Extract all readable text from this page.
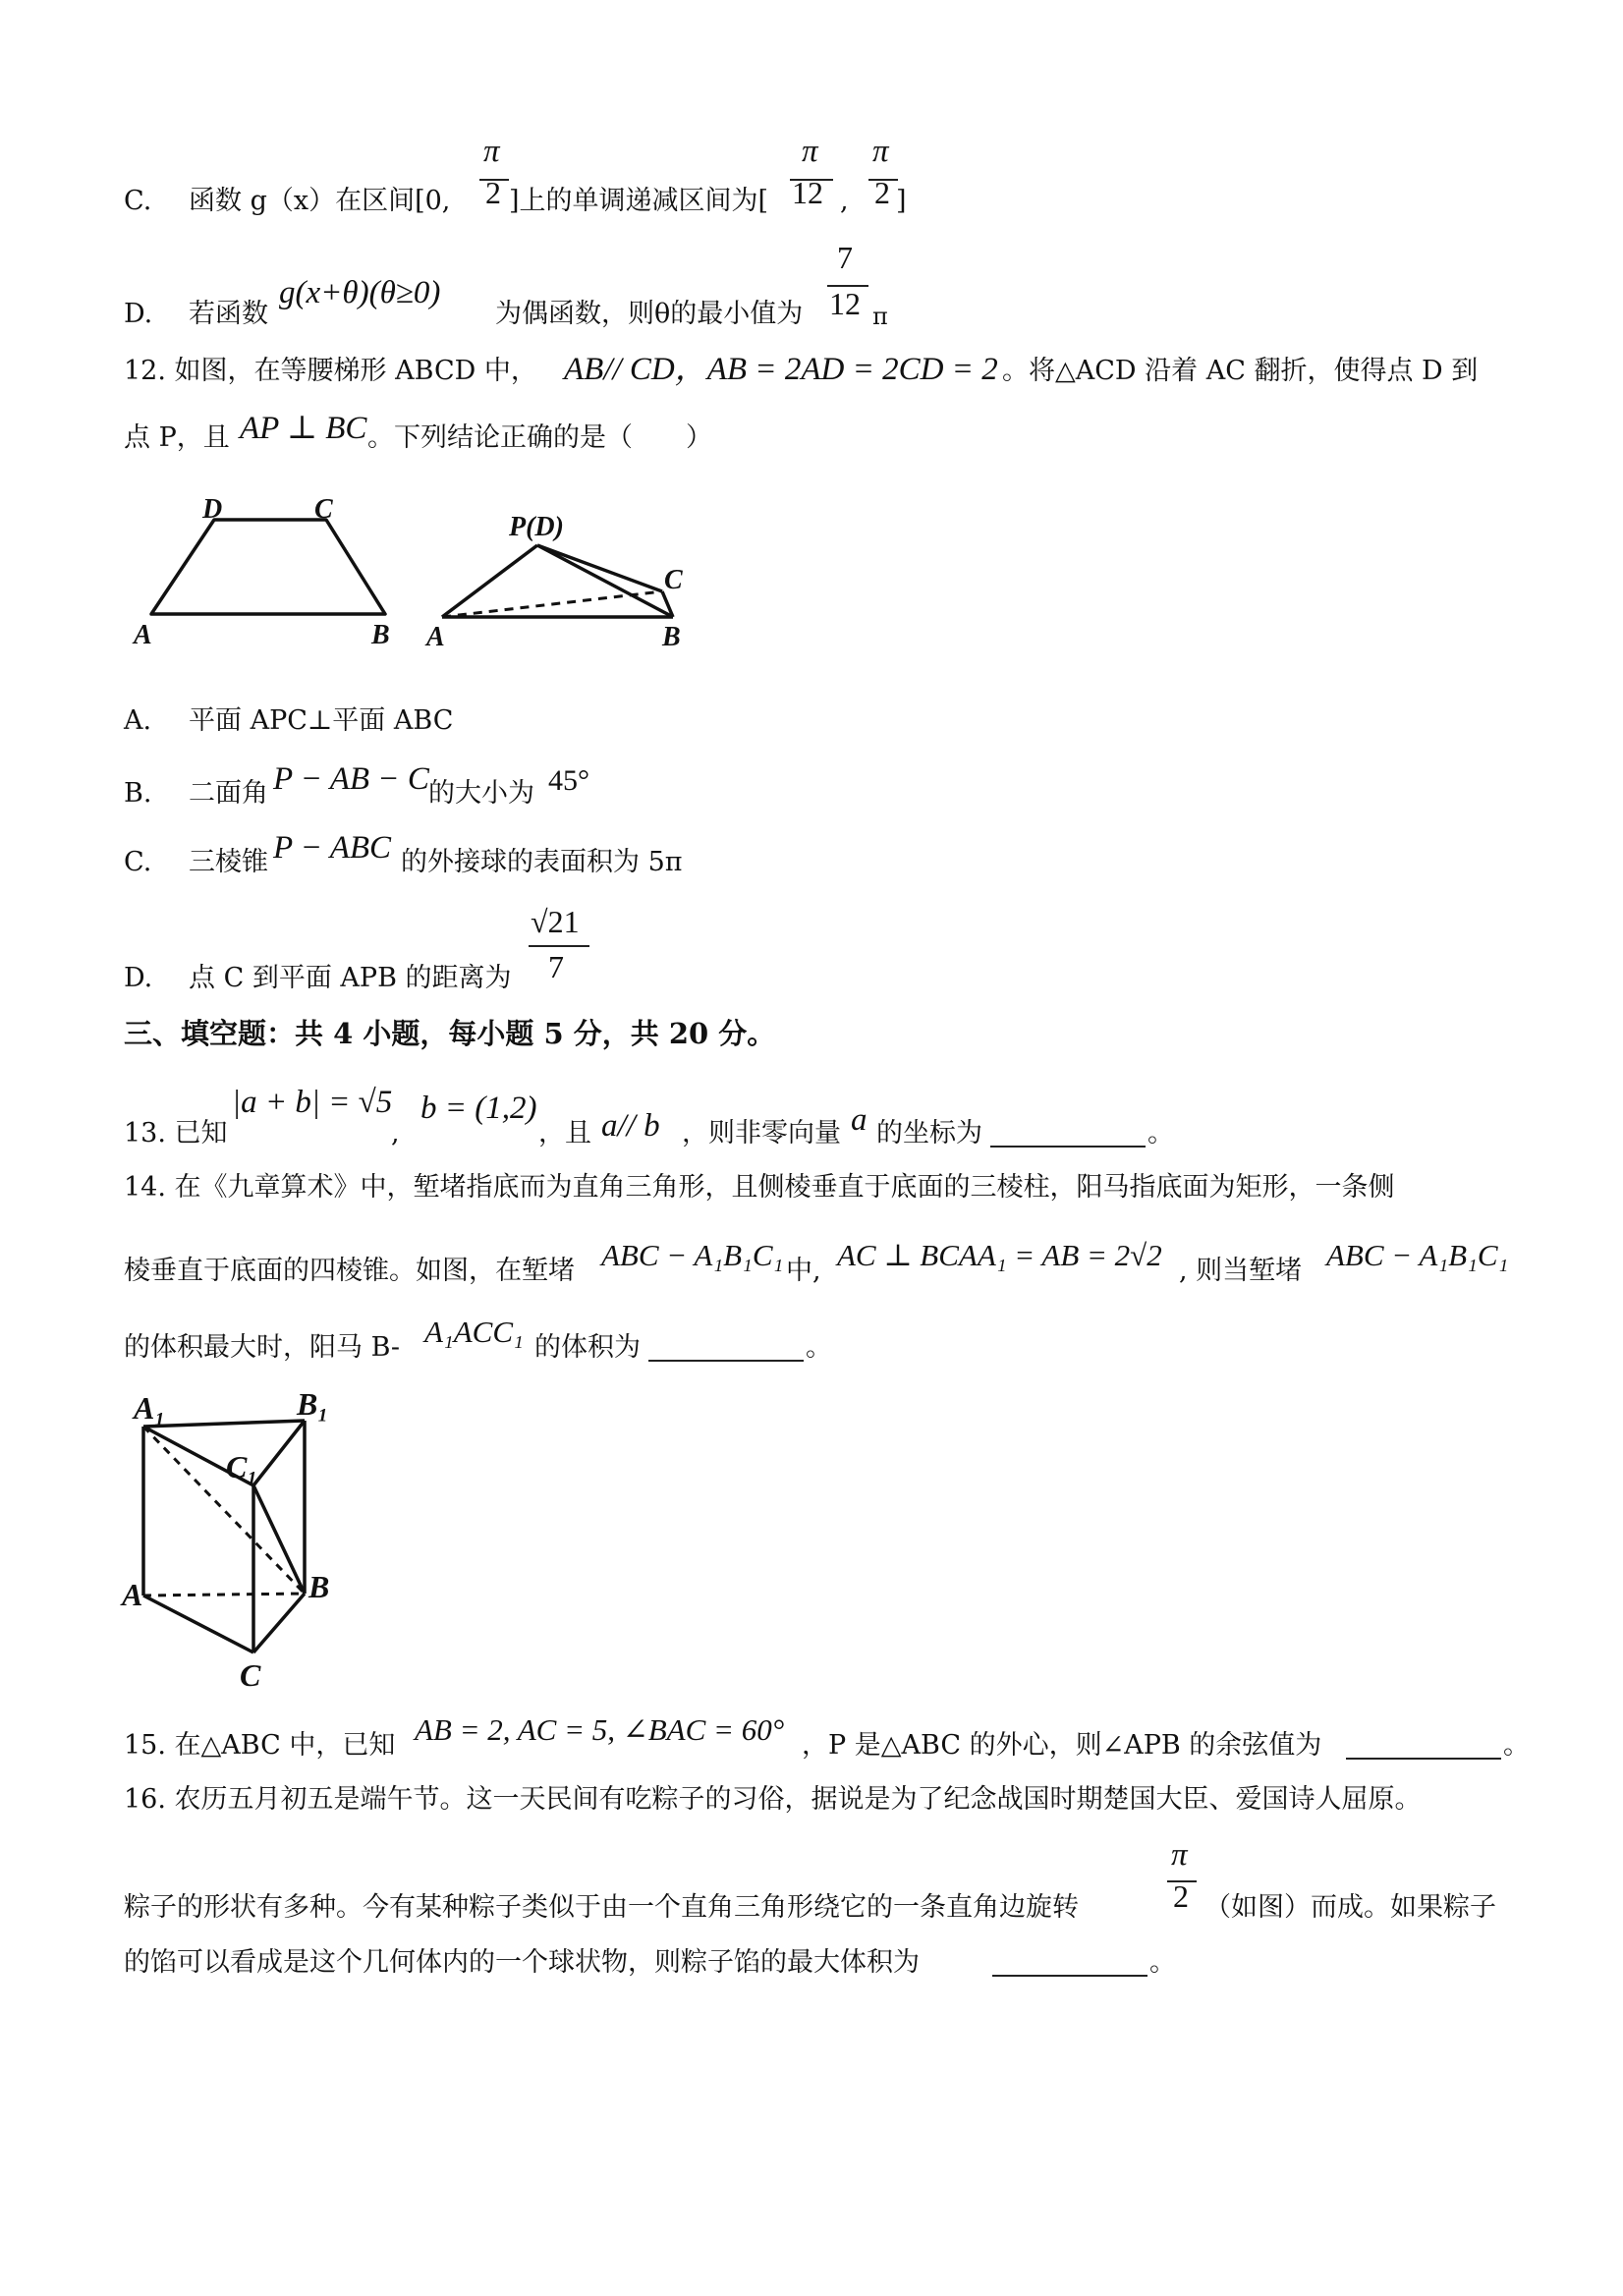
C. 函数 g（x）在区间[0,
π
2 ]上的单调递减区间为[
π
12 ,
π
2 ]
D. 若函数
g(x+θ)(θ≥0)
为偶函数，则θ的最小值为
7
12 π
12. 如图，在等腰梯形 ABCD 中， AB// CD，AB = 2AD = 2CD = 2 。将△ACD 沿着 AC 翻折，使得点 D 到
点 P，且 AP ⊥ BC 。下列结论正确的是（　　）
D	C
A	B
P(D)
A	B
C
A. 平面 APC⊥平面 ABC
B. 二面角 P − AB − C 的大小为 45°
C. 三棱锥 P − ABC 的外接球的表面积为 5π
D. 点 C 到平面 APB 的距离为
√21
7
三、填空题：共 4 小题，每小题 5 分，共 20 分。
13. 已知
|a + b| = √5
,
b = (1,2)
，且 a// b ，则非零向量 a 的坐标为	。
14. 在《九章算术》中，堑堵指底而为直角三角形，且侧棱垂直于底面的三棱柱，阳马指底面为矩形，一条侧
棱垂直于底面的四棱锥。如图，在堑堵 ABC − A₁B₁C₁ 中, AC ⊥ BCAA₁ = AB = 2√2 , 则当堑堵 ABC − A₁B₁C₁
的体积最大时，阳马 B- A₁ACC₁ 的体积为	。
A₁	B₁
C₁
A	B
C
15. 在△ABC 中，已知 AB = 2, AC = 5, ∠BAC = 60° ，P 是△ABC 的外心，则∠APB 的余弦值为	。
16. 农历五月初五是端午节。这一天民间有吃粽子的习俗，据说是为了纪念战国时期楚国大臣、爱国诗人屈原。
粽子的形状有多种。今有某种粽子类似于由一个直角三角形绕它的一条直角边旋转
π
2 （如图）而成。如果粽子
的馅可以看成是这个几何体内的一个球状物，则粽子馅的最大体积为	。
